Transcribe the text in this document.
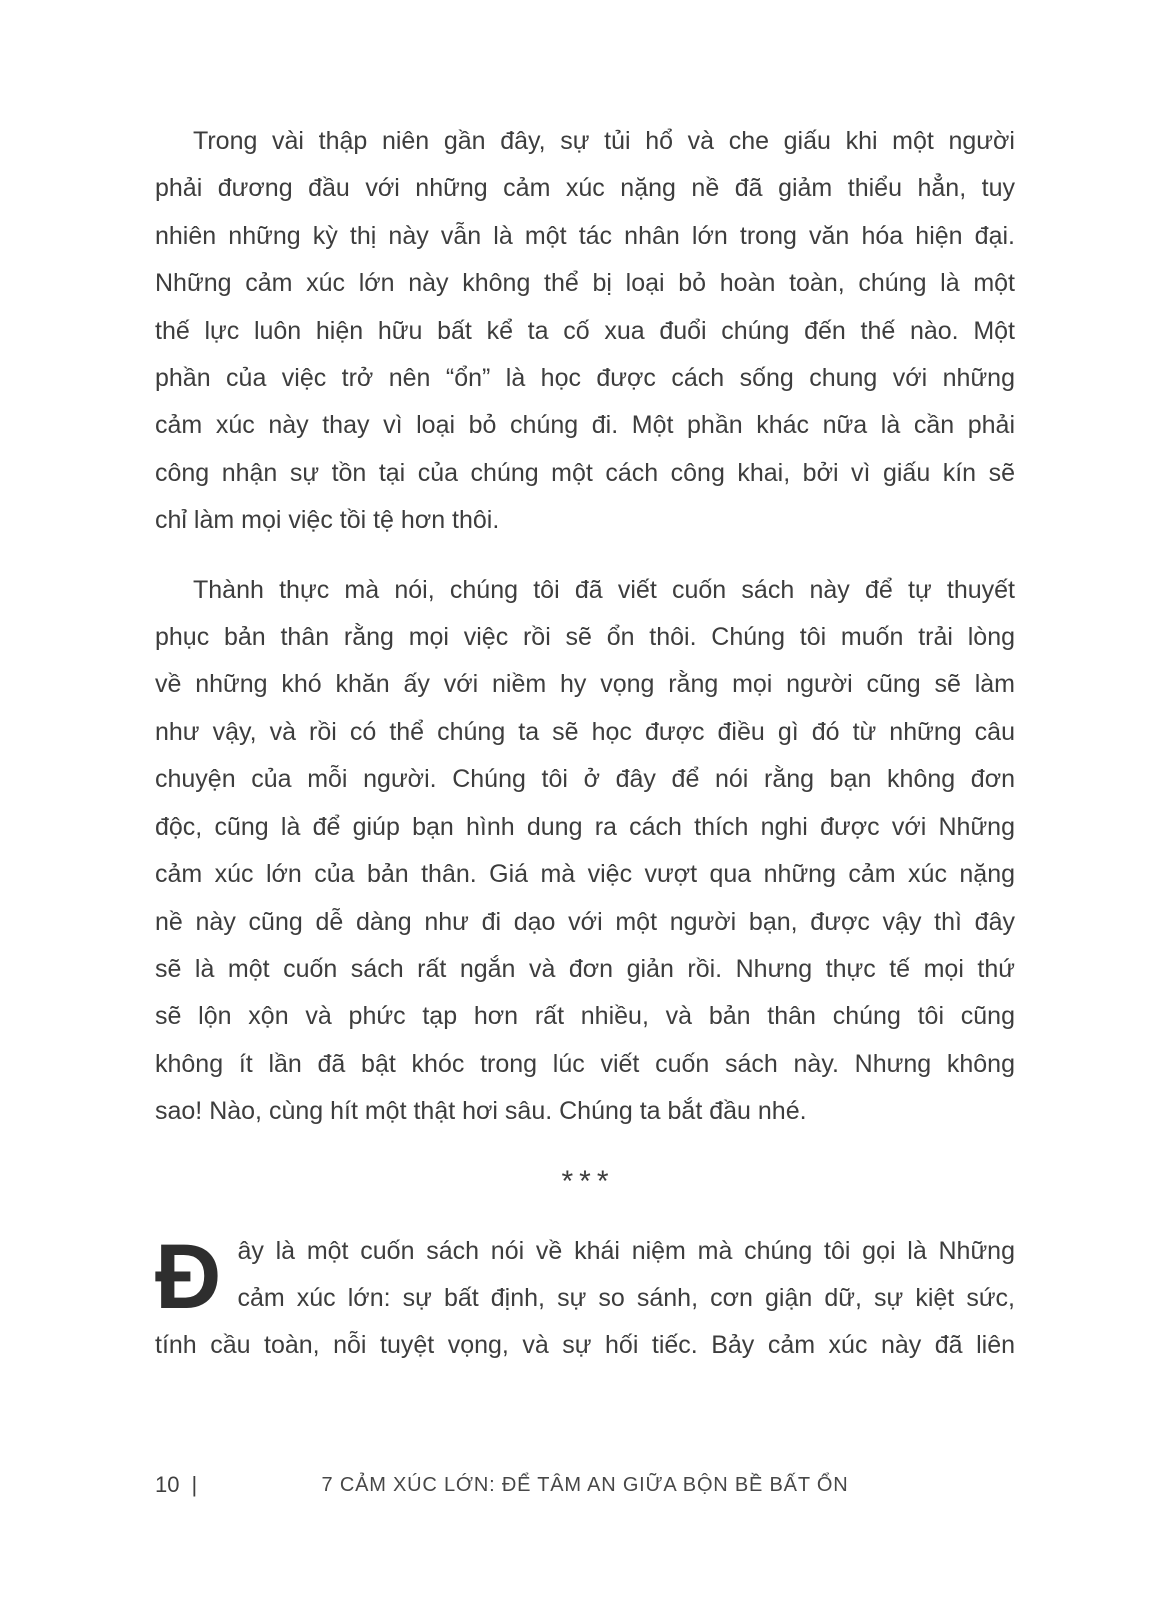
Trong vài thập niên gần đây, sự tủi hổ và che giấu khi một người
phải đương đầu với những cảm xúc nặng nề đã giảm thiểu hẳn, tuy
nhiên những kỳ thị này vẫn là một tác nhân lớn trong văn hóa hiện đại.
Những cảm xúc lớn này không thể bị loại bỏ hoàn toàn, chúng là một
thế lực luôn hiện hữu bất kể ta cố xua đuổi chúng đến thế nào. Một
phần của việc trở nên “ổn” là học được cách sống chung với những
cảm xúc này thay vì loại bỏ chúng đi. Một phần khác nữa là cần phải
công nhận sự tồn tại của chúng một cách công khai, bởi vì giấu kín sẽ
chỉ làm mọi việc tồi tệ hơn thôi.
Thành thực mà nói, chúng tôi đã viết cuốn sách này để tự thuyết
phục bản thân rằng mọi việc rồi sẽ ổn thôi. Chúng tôi muốn trải lòng
về những khó khăn ấy với niềm hy vọng rằng mọi người cũng sẽ làm
như vậy, và rồi có thể chúng ta sẽ học được điều gì đó từ những câu
chuyện của mỗi người. Chúng tôi ở đây để nói rằng bạn không đơn
độc, cũng là để giúp bạn hình dung ra cách thích nghi được với Những
cảm xúc lớn của bản thân. Giá mà việc vượt qua những cảm xúc nặng
nề này cũng dễ dàng như đi dạo với một người bạn, được vậy thì đây
sẽ là một cuốn sách rất ngắn và đơn giản rồi. Nhưng thực tế mọi thứ
sẽ lộn xộn và phức tạp hơn rất nhiều, và bản thân chúng tôi cũng
không ít lần đã bật khóc trong lúc viết cuốn sách này. Nhưng không
sao! Nào, cùng hít một thật hơi sâu. Chúng ta bắt đầu nhé.
***
Đ ây là một cuốn sách nói về khái niệm mà chúng tôi gọi là Những
cảm xúc lớn: sự bất định, sự so sánh, cơn giận dữ, sự kiệt sức,
tính cầu toàn, nỗi tuyệt vọng, và sự hối tiếc. Bảy cảm xúc này đã liên
10 |	7 CẢM XÚC LỚN: ĐỂ TÂM AN GIỮA BỘN BỀ BẤT ỔN
